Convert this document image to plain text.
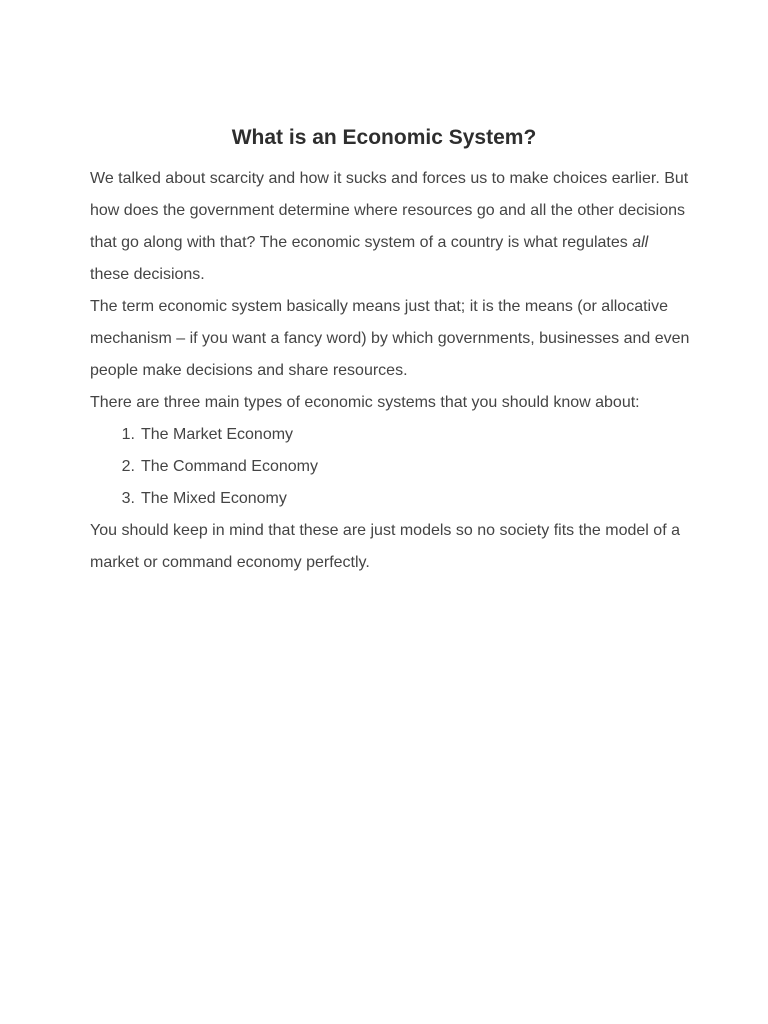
What is an Economic System?

We talked about scarcity and how it sucks and forces us to make choices earlier. But how does the government determine where resources go and all the other decisions that go along with that? The economic system of a country is what regulates all these decisions.

The term economic system basically means just that; it is the means (or allocative mechanism – if you want a fancy word) by which governments, businesses and even people make decisions and share resources.

There are three main types of economic systems that you should know about:

1. The Market Economy
2. The Command Economy
3. The Mixed Economy

You should keep in mind that these are just models so no society fits the model of a market or command economy perfectly.
